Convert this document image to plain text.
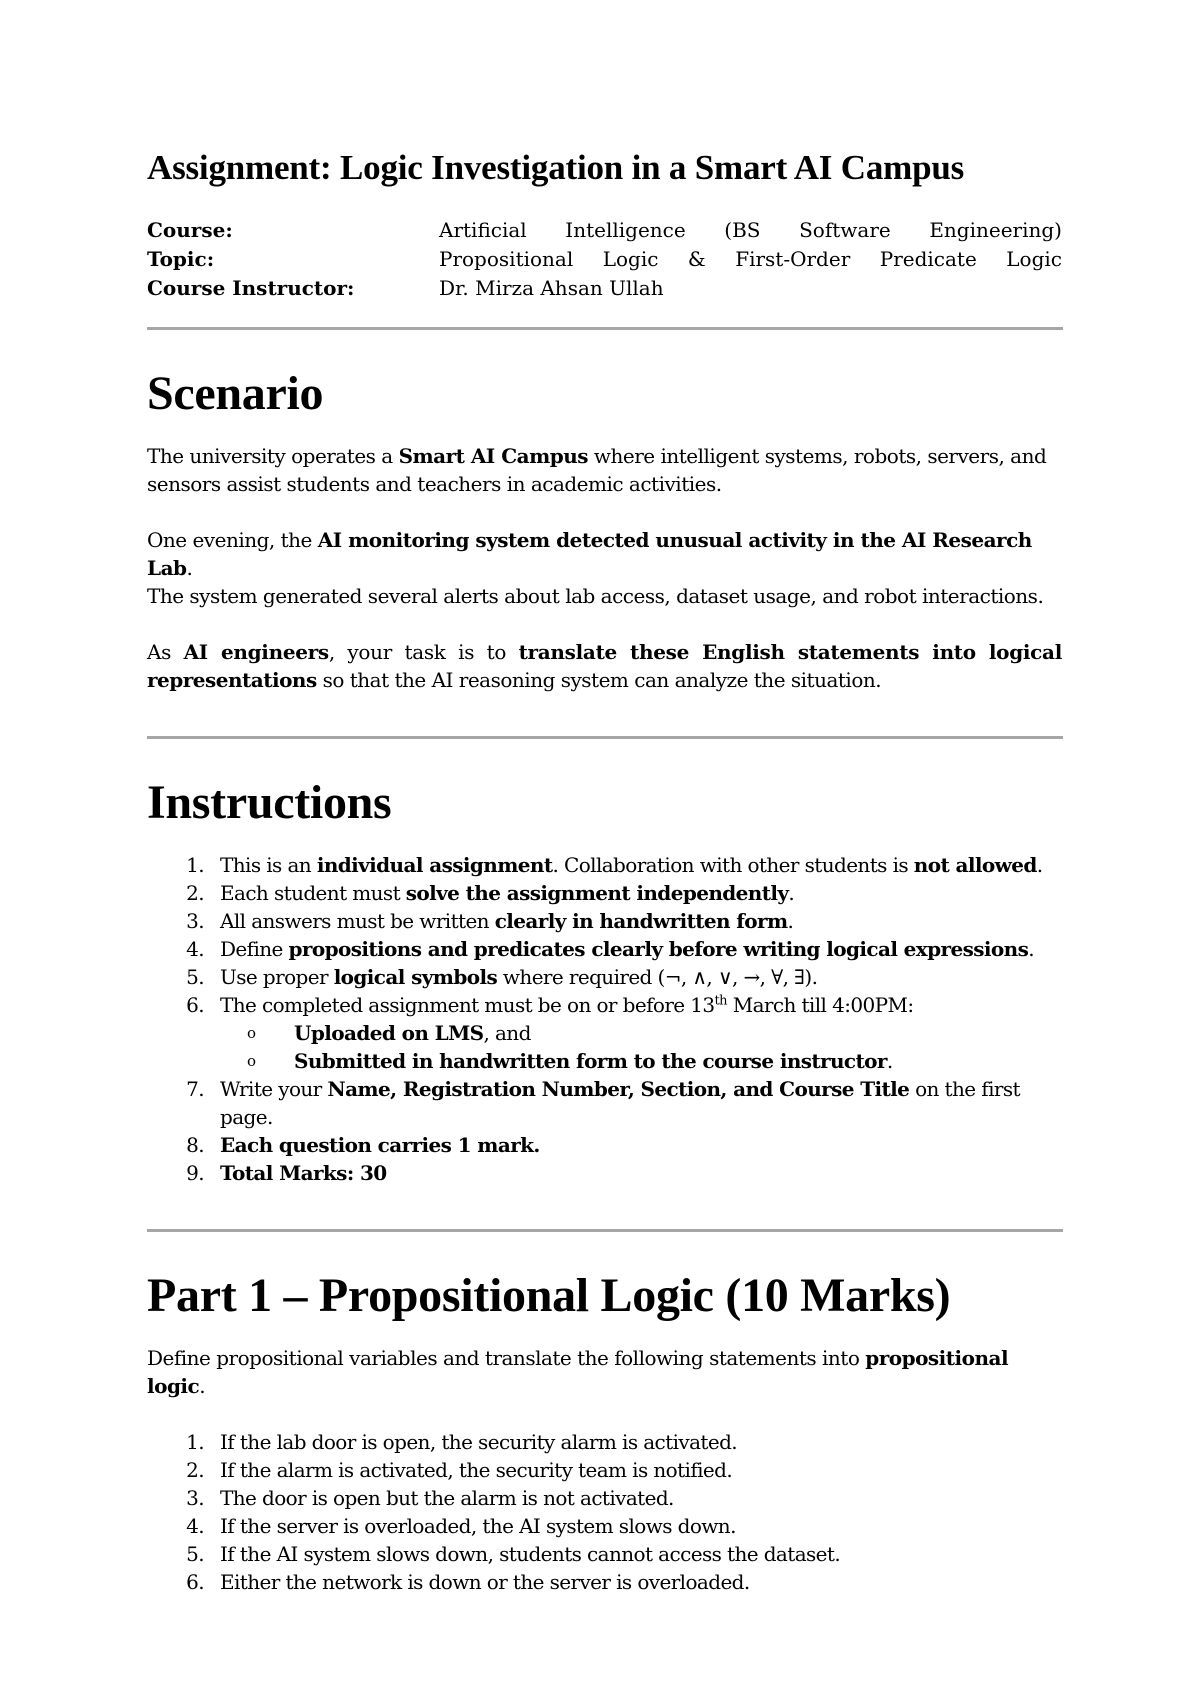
Assignment: Logic Investigation in a Smart AI Campus
Course:	Artificial Intelligence (BS Software Engineering)
Topic:	Propositional Logic & First-Order Predicate Logic
Course Instructor:	Dr. Mirza Ahsan Ullah
Scenario

The university operates a Smart AI Campus where intelligent systems, robots, servers, and
sensors assist students and teachers in academic activities.

One evening, the AI monitoring system detected unusual activity in the AI Research Lab.
The system generated several alerts about lab access, dataset usage, and robot interactions.

As AI engineers, your task is to translate these English statements into logical
representations so that the AI reasoning system can analyze the situation.

Instructions
1. This is an individual assignment. Collaboration with other students is not allowed.
2. Each student must solve the assignment independently.
3. All answers must be written clearly in handwritten form.
4. Define propositions and predicates clearly before writing logical expressions.
5. Use proper logical symbols where required (¬, ∧, ∨, →, ∀, ∃).
6. The completed assignment must be on or before 13th March till 4:00PM:
o	Uploaded on LMS, and
o	Submitted in handwritten form to the course instructor.
7. Write your Name, Registration Number, Section, and Course Title on the first page.
8. Each question carries 1 mark.
9. Total Marks: 30
Part 1 – Propositional Logic (10 Marks)

Define propositional variables and translate the following statements into propositional logic.

1. If the lab door is open, the security alarm is activated.
2. If the alarm is activated, the security team is notified.
3. The door is open but the alarm is not activated.
4. If the server is overloaded, the AI system slows down.
5. If the AI system slows down, students cannot access the dataset.
6. Either the network is down or the server is overloaded.
